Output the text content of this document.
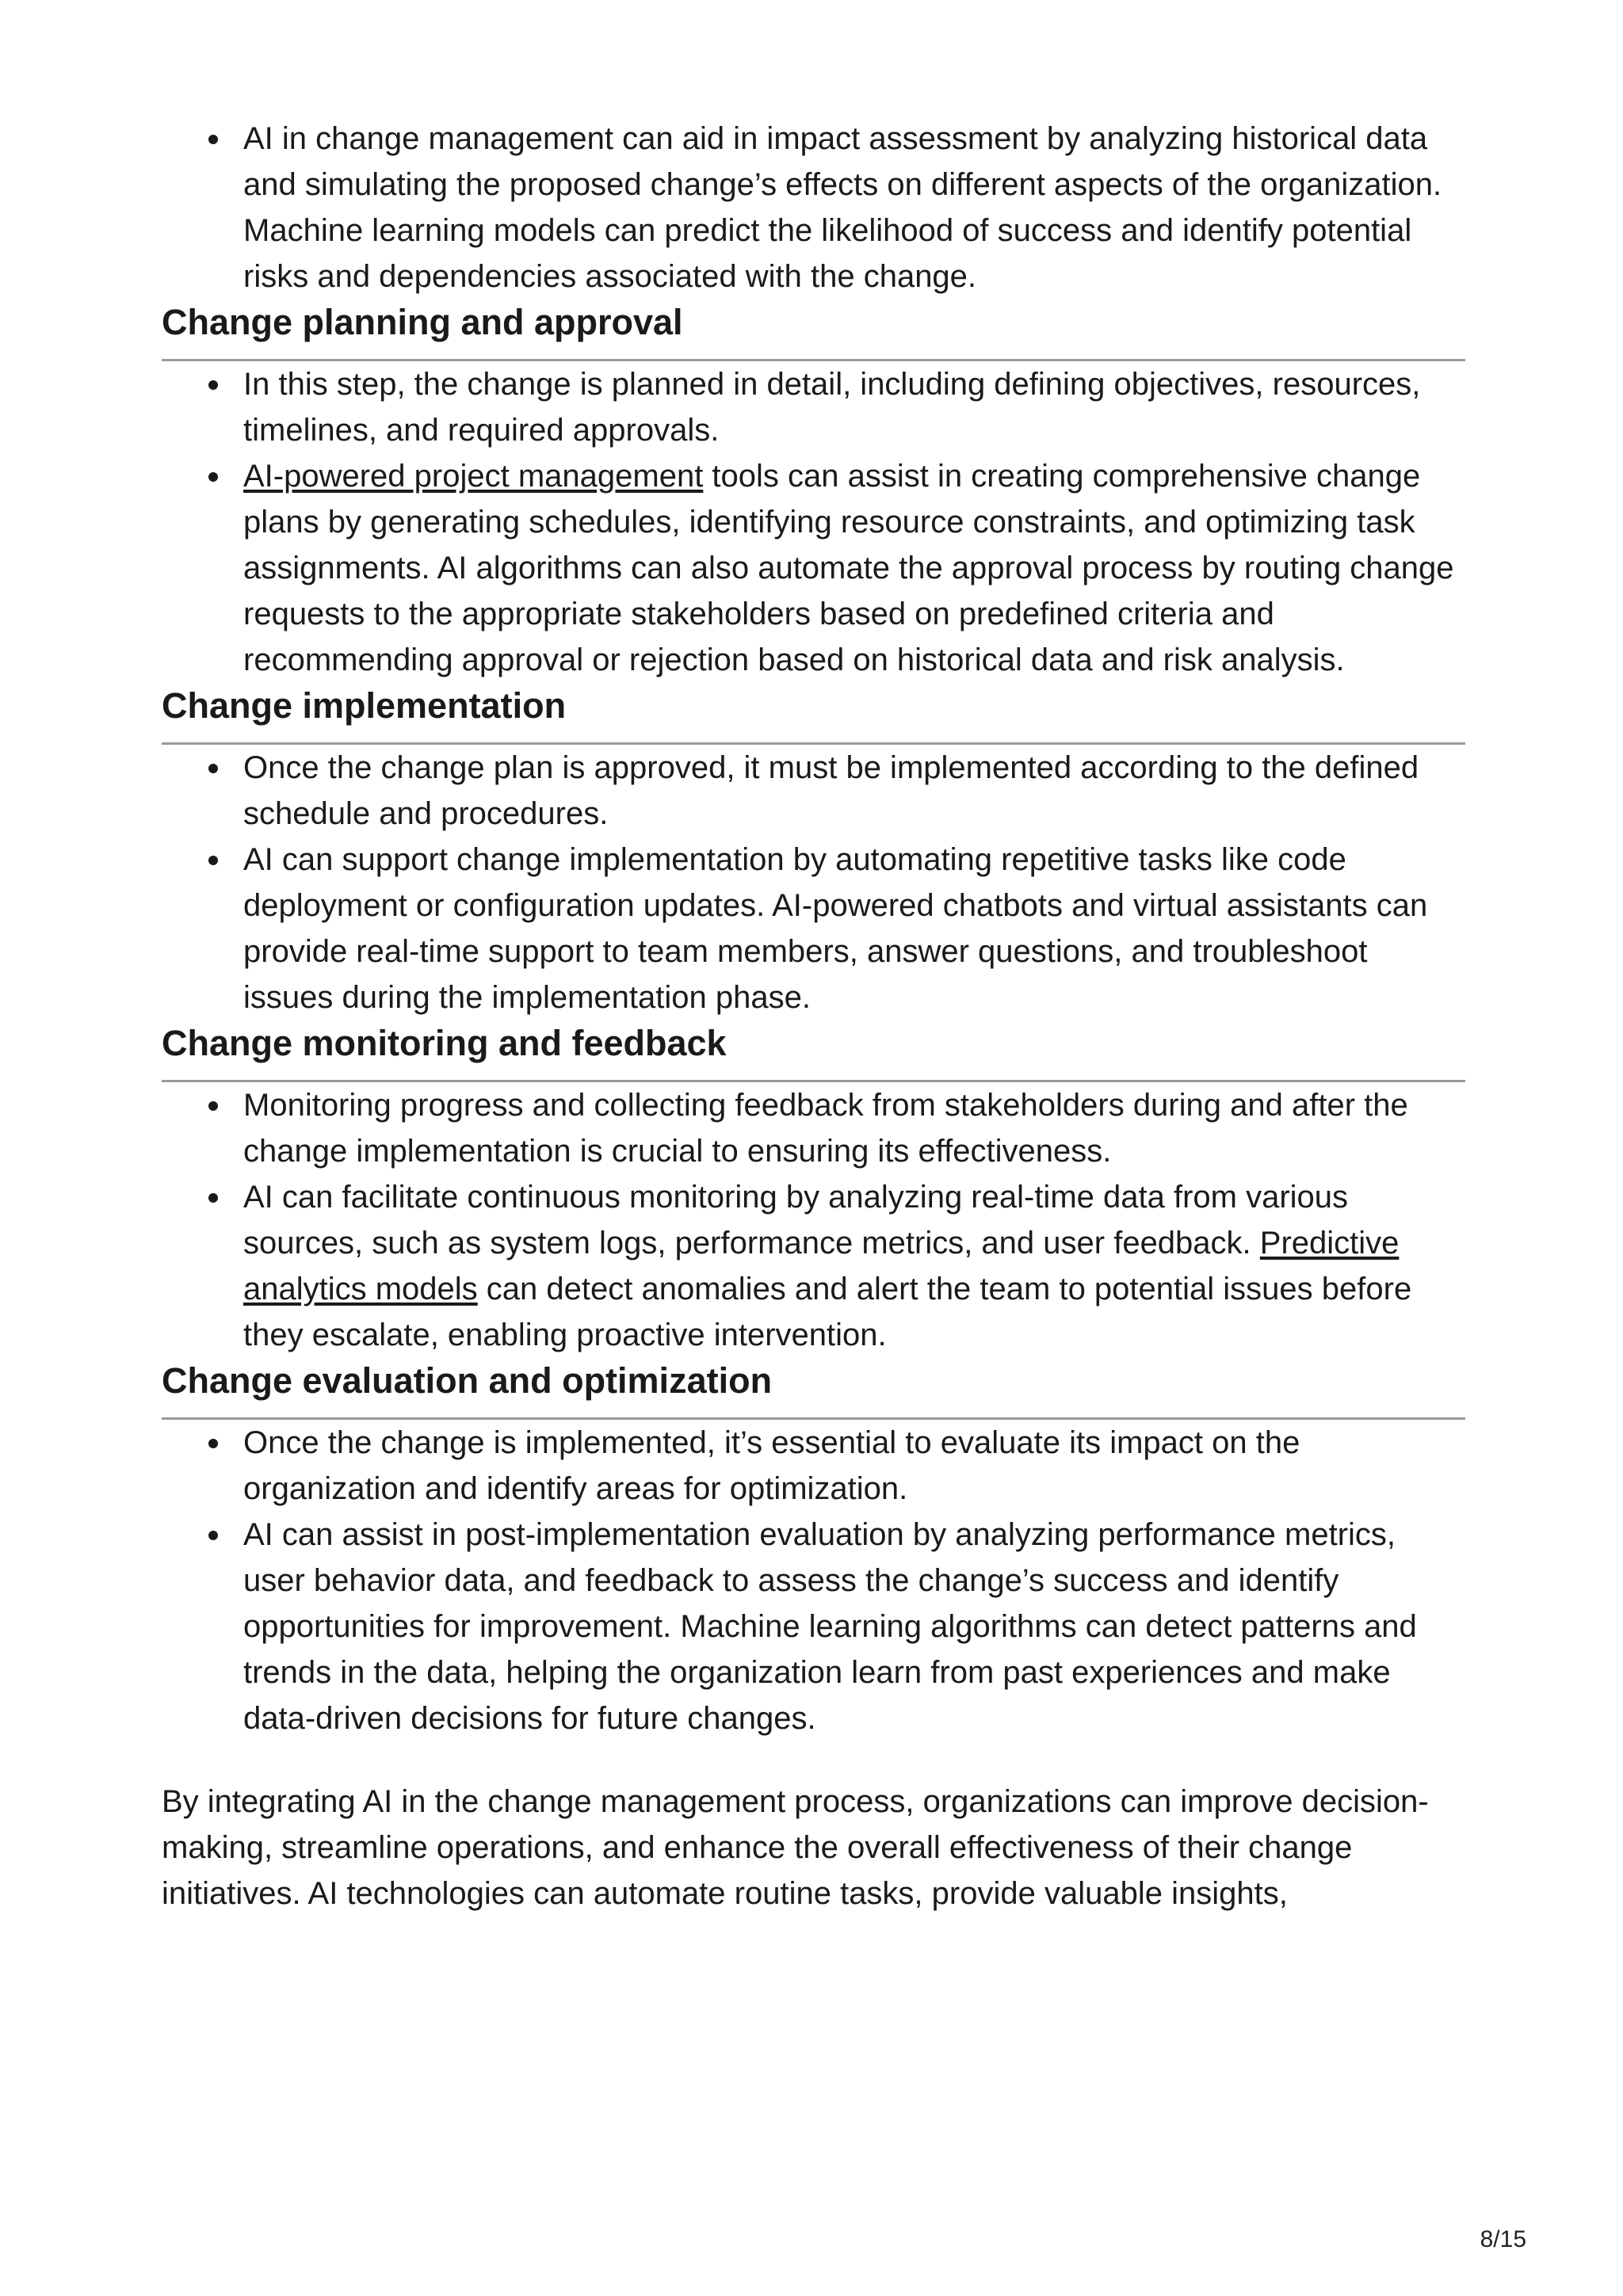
AI in change management can aid in impact assessment by analyzing historical data and simulating the proposed change’s effects on different aspects of the organization. Machine learning models can predict the likelihood of success and identify potential risks and dependencies associated with the change.
Change planning and approval
In this step, the change is planned in detail, including defining objectives, resources, timelines, and required approvals.
AI-powered project management tools can assist in creating comprehensive change plans by generating schedules, identifying resource constraints, and optimizing task assignments. AI algorithms can also automate the approval process by routing change requests to the appropriate stakeholders based on predefined criteria and recommending approval or rejection based on historical data and risk analysis.
Change implementation
Once the change plan is approved, it must be implemented according to the defined schedule and procedures.
AI can support change implementation by automating repetitive tasks like code deployment or configuration updates. AI-powered chatbots and virtual assistants can provide real-time support to team members, answer questions, and troubleshoot issues during the implementation phase.
Change monitoring and feedback
Monitoring progress and collecting feedback from stakeholders during and after the change implementation is crucial to ensuring its effectiveness.
AI can facilitate continuous monitoring by analyzing real-time data from various sources, such as system logs, performance metrics, and user feedback. Predictive analytics models can detect anomalies and alert the team to potential issues before they escalate, enabling proactive intervention.
Change evaluation and optimization
Once the change is implemented, it’s essential to evaluate its impact on the organization and identify areas for optimization.
AI can assist in post-implementation evaluation by analyzing performance metrics, user behavior data, and feedback to assess the change’s success and identify opportunities for improvement. Machine learning algorithms can detect patterns and trends in the data, helping the organization learn from past experiences and make data-driven decisions for future changes.

By integrating AI in the change management process, organizations can improve decision-making, streamline operations, and enhance the overall effectiveness of their change initiatives. AI technologies can automate routine tasks, provide valuable insights,

8/15
